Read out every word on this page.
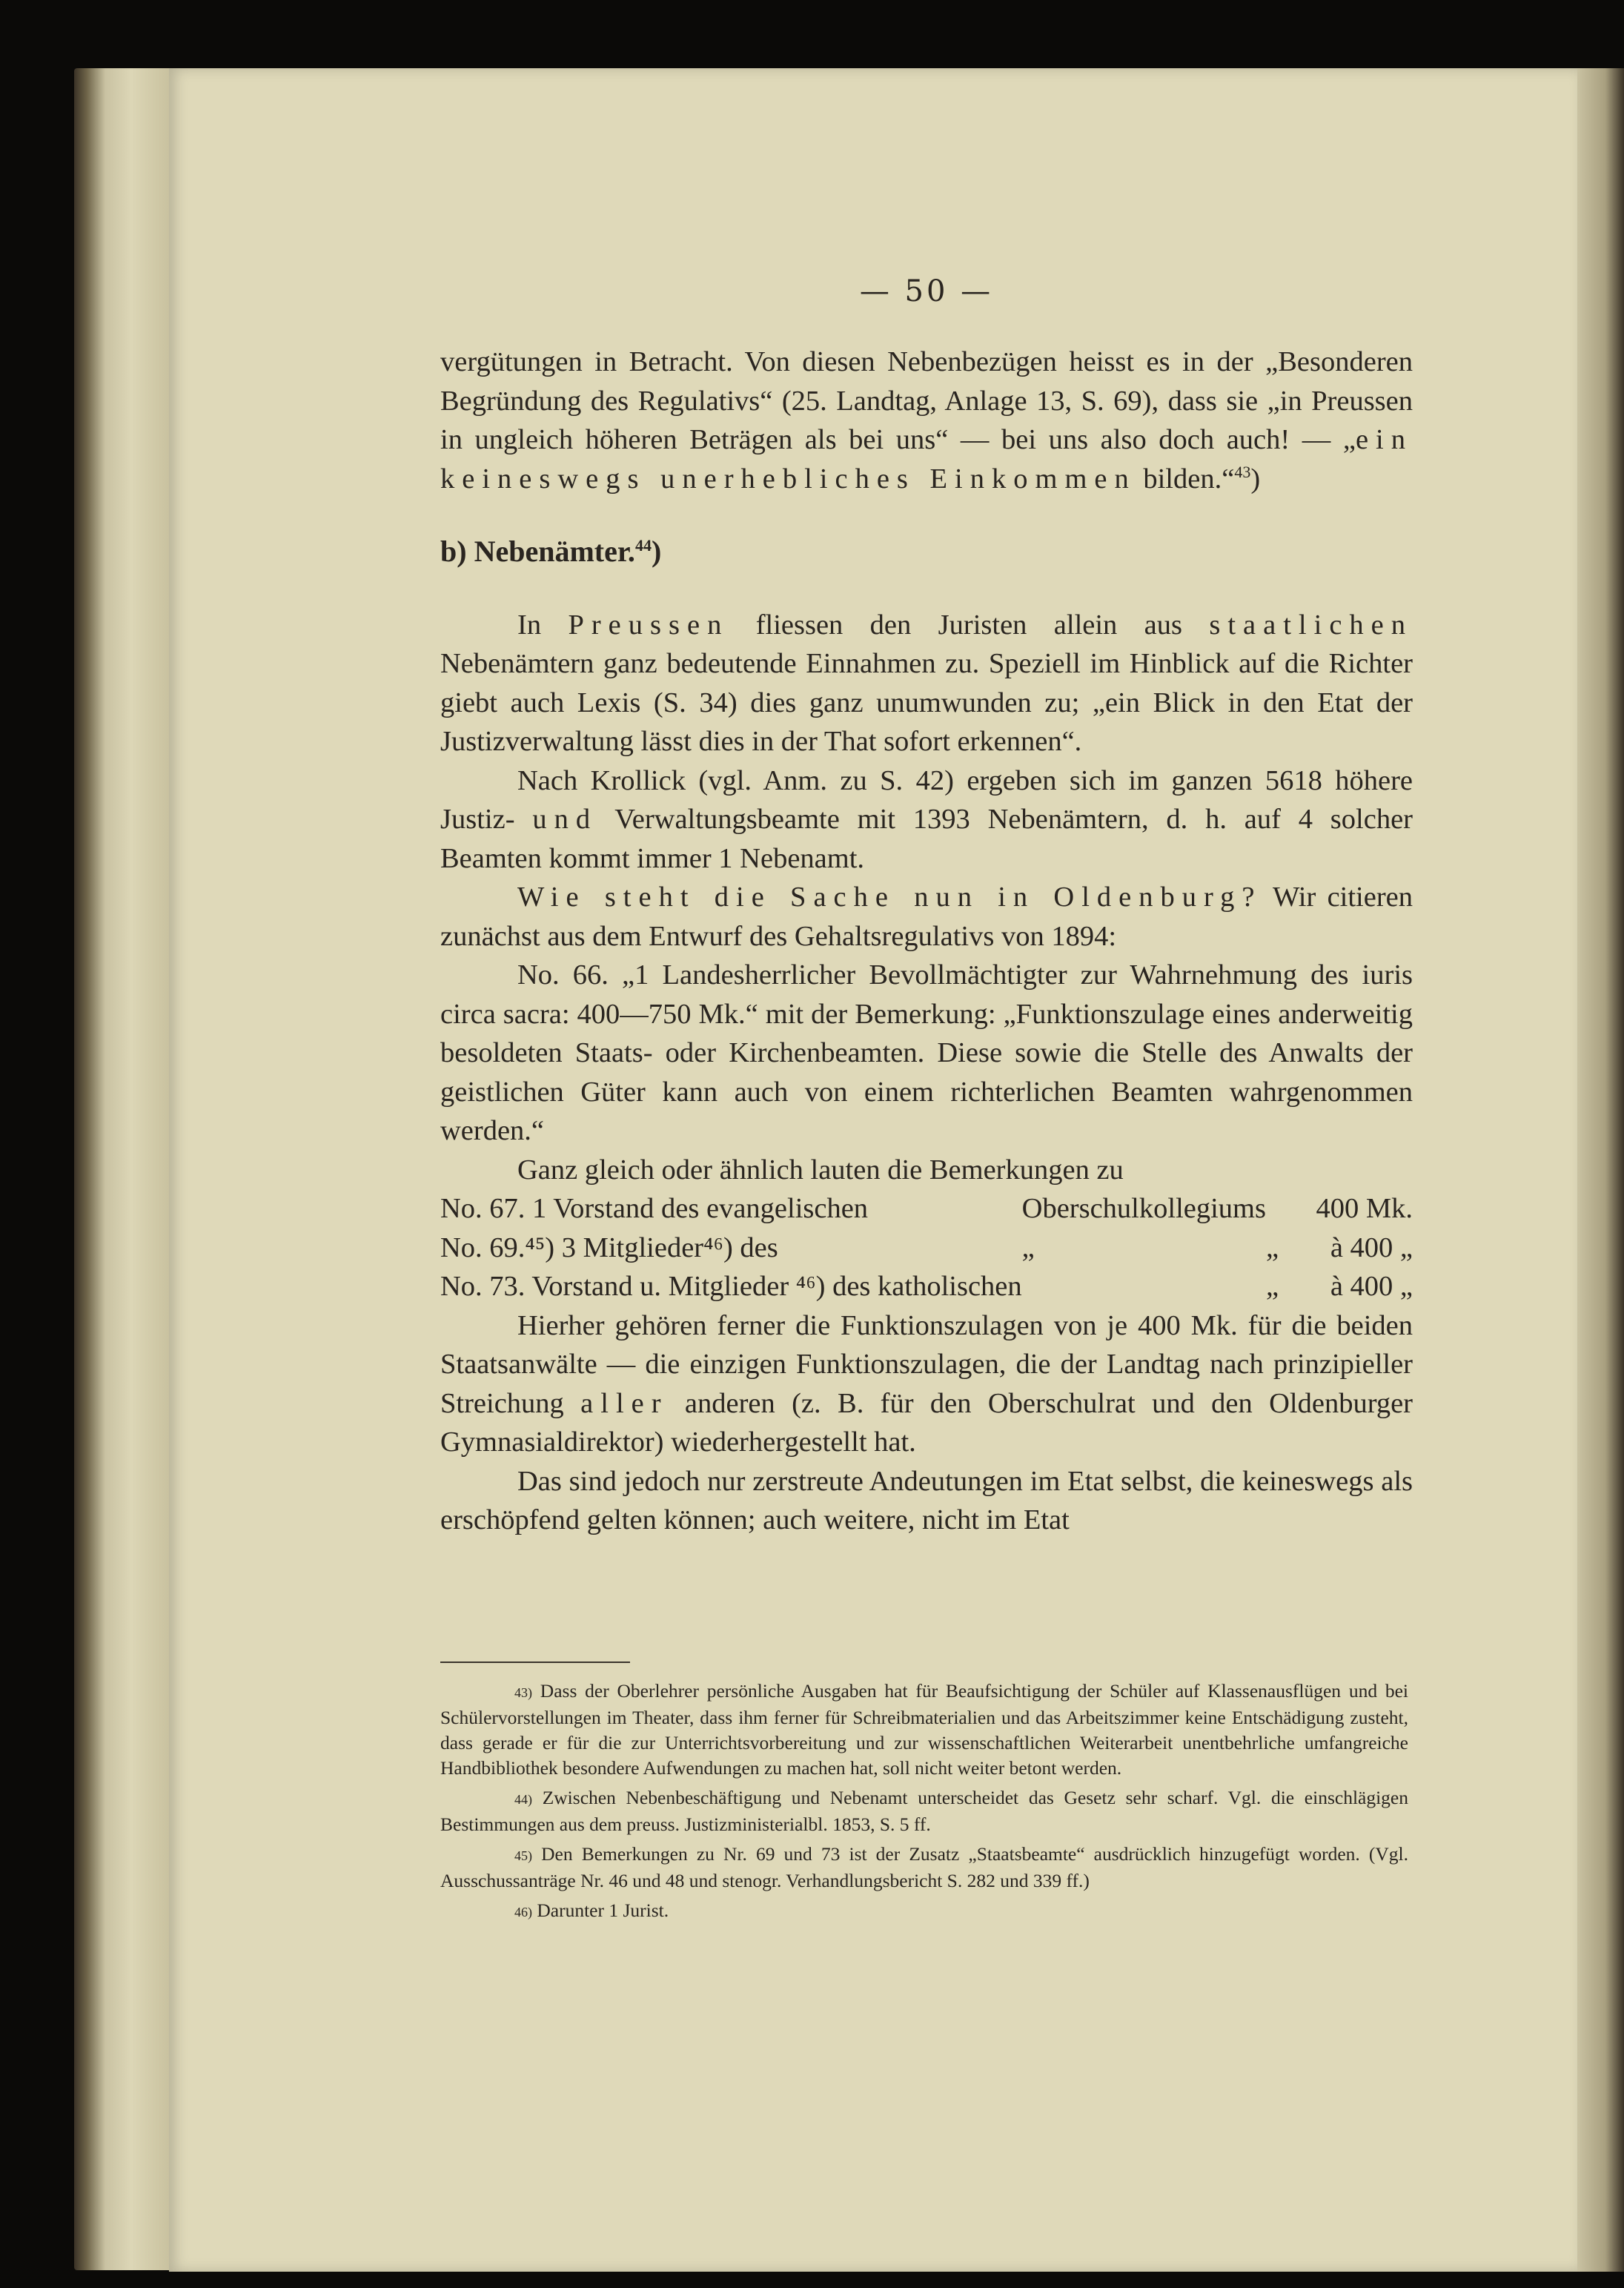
— 50 —

vergütungen in Betracht. Von diesen Nebenbezügen heisst es in der „Besonderen Begründung des Regulativs“ (25. Landtag, Anlage 13, S. 69), dass sie „in Preussen in ungleich höheren Beträgen als bei uns“ — bei uns also doch auch! — „ein keineswegs unerhebliches Einkommen bilden.“$^{43}$)

b) Nebenämter.$^{44}$)

In Preussen fliessen den Juristen allein aus staatlichen Nebenämtern ganz bedeutende Einnahmen zu. Speziell im Hinblick auf die Richter giebt auch Lexis (S. 34) dies ganz unumwunden zu; „ein Blick in den Etat der Justizverwaltung lässt dies in der That sofort erkennen“.

Nach Krollick (vgl. Anm. zu S. 42) ergeben sich im ganzen 5618 höhere Justiz- und Verwaltungsbeamte mit 1393 Nebenämtern, d. h. auf 4 solcher Beamten kommt immer 1 Nebenamt.

Wie steht die Sache nun in Oldenburg? Wir citieren zunächst aus dem Entwurf des Gehaltsregulativs von 1894:

No. 66. „1 Landesherrlicher Bevollmächtigter zur Wahrnehmung des iuris circa sacra: 400—750 Mk.“ mit der Bemerkung: „Funktionszulage eines anderweitig besoldeten Staats- oder Kirchenbeamten. Diese sowie die Stelle des Anwalts der geistlichen Güter kann auch von einem richterlichen Beamten wahrgenommen werden.“

Ganz gleich oder ähnlich lauten die Bemerkungen zu

No. 67. 1 Vorstand des evangelischen	Oberschulkollegiums		400 Mk.
No. 69.⁴⁵) 3 Mitglieder⁴⁶) des	„	„	à 400 „
No. 73. Vorstand u. Mitglieder ⁴⁶) des katholischen		„	à 400 „

Hierher gehören ferner die Funktionszulagen von je 400 Mk. für die beiden Staatsanwälte — die einzigen Funktionszulagen, die der Landtag nach prinzipieller Streichung aller anderen (z. B. für den Oberschulrat und den Oldenburger Gymnasialdirektor) wiederhergestellt hat.

Das sind jedoch nur zerstreute Andeutungen im Etat selbst, die keineswegs als erschöpfend gelten können; auch weitere, nicht im Etat

43) Dass der Oberlehrer persönliche Ausgaben hat für Beaufsichtigung der Schüler auf Klassenausflügen und bei Schülervorstellungen im Theater, dass ihm ferner für Schreibmaterialien und das Arbeitszimmer keine Entschädigung zusteht, dass gerade er für die zur Unterrichtsvorbereitung und zur wissenschaftlichen Weiterarbeit unentbehrliche umfangreiche Handbibliothek besondere Aufwendungen zu machen hat, soll nicht weiter betont werden.

44) Zwischen Nebenbeschäftigung und Nebenamt unterscheidet das Gesetz sehr scharf. Vgl. die einschlägigen Bestimmungen aus dem preuss. Justizministerialbl. 1853, S. 5 ff.

45) Den Bemerkungen zu Nr. 69 und 73 ist der Zusatz „Staatsbeamte“ ausdrücklich hinzugefügt worden. (Vgl. Ausschussanträge Nr. 46 und 48 und stenogr. Verhandlungsbericht S. 282 und 339 ff.)

46) Darunter 1 Jurist.
